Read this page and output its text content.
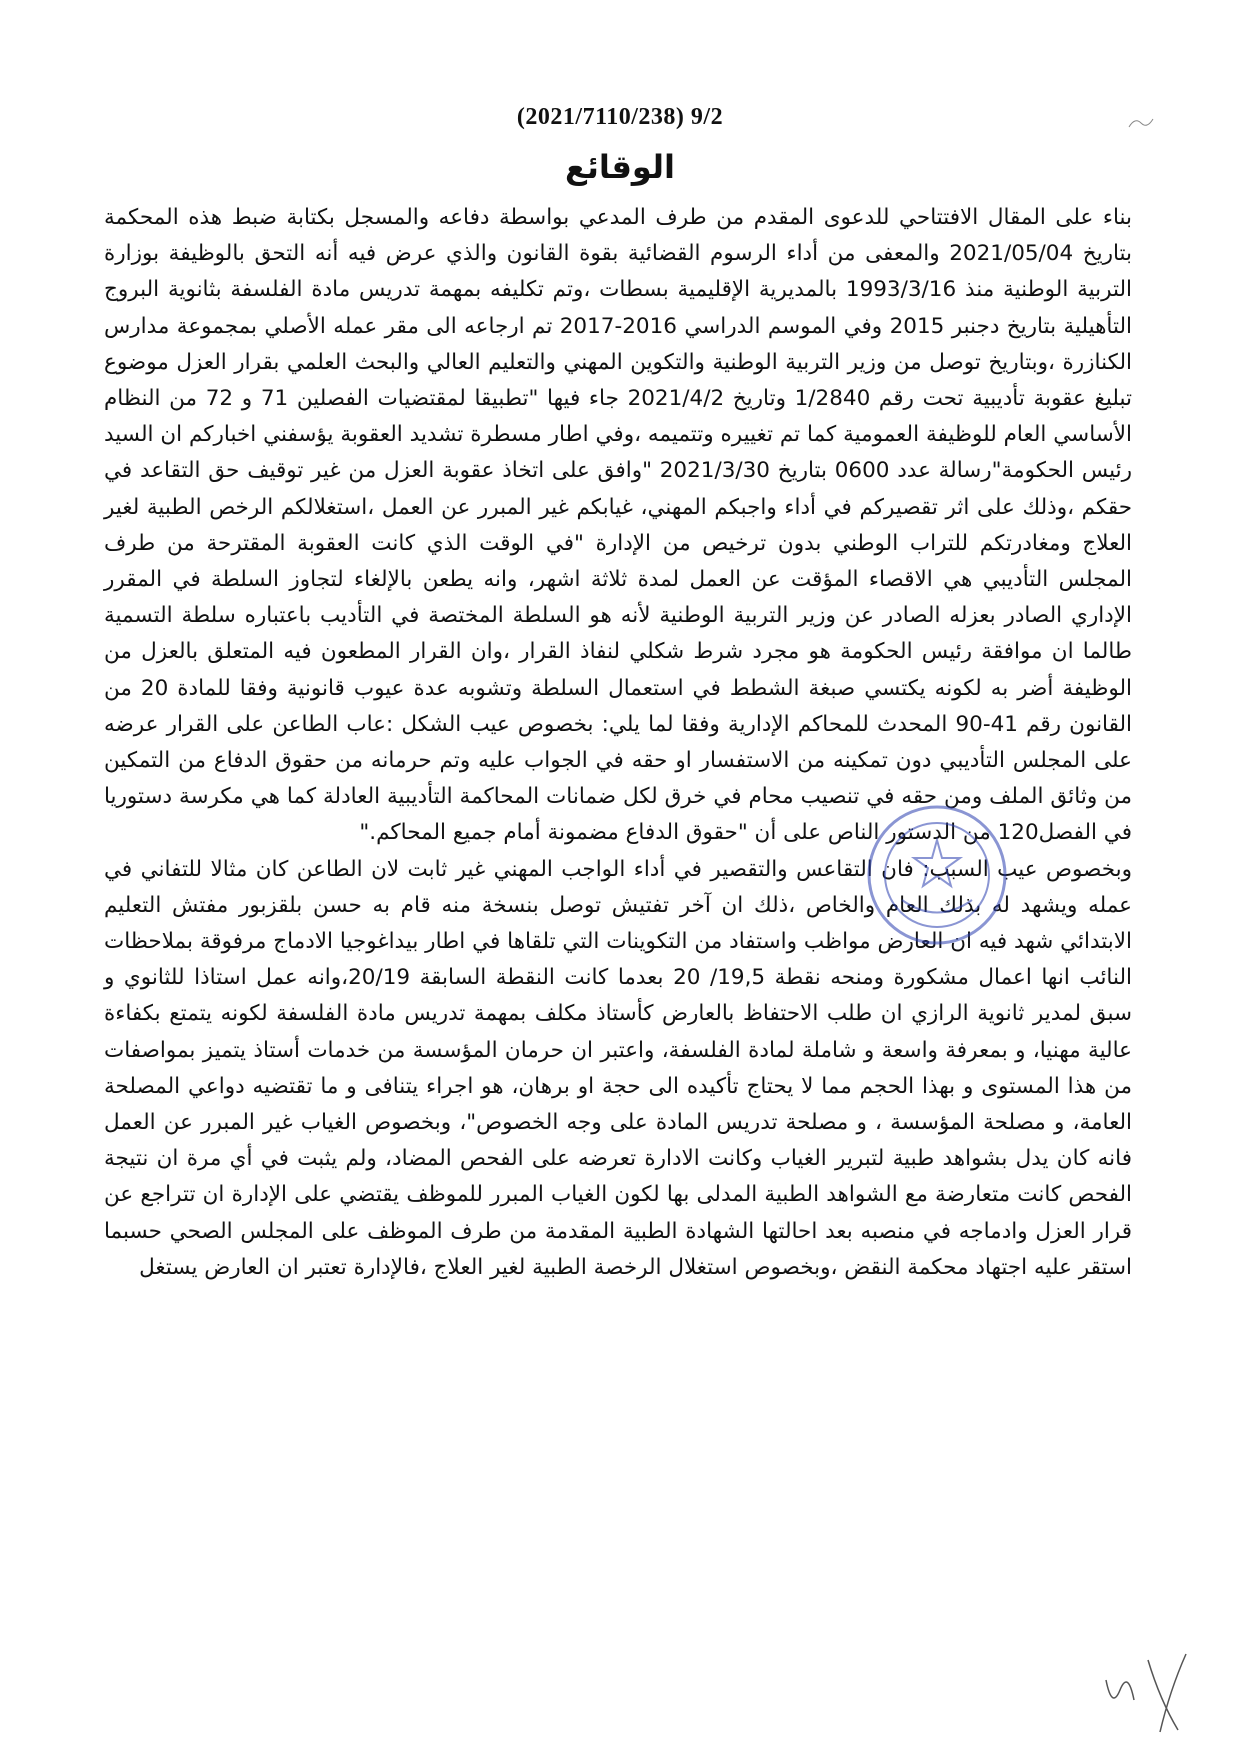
(2021/7110/238) 9/2
الوقائع

بناء على المقال الافتتاحي للدعوى المقدم من طرف المدعي بواسطة دفاعه والمسجل بكتابة ضبط هذه المحكمة بتاريخ 2021/05/04 والمعفى من أداء الرسوم القضائية بقوة القانون والذي عرض فيه أنه التحق بالوظيفة بوزارة التربية الوطنية منذ 1993/3/16 بالمديرية الإقليمية بسطات ،وتم تكليفه بمهمة تدريس مادة الفلسفة بثانوية البروج التأهيلية بتاريخ دجنبر 2015 وفي الموسم الدراسي 2016-2017 تم ارجاعه الى مقر عمله الأصلي بمجموعة مدارس الكنازرة ،وبتاريخ توصل من وزير التربية الوطنية والتكوين المهني والتعليم العالي والبحث العلمي بقرار العزل موضوع تبليغ عقوبة تأديبية تحت رقم 1/2840 وتاريخ 2021/4/2 جاء فيها "تطبيقا لمقتضيات الفصلين 71 و 72 من النظام الأساسي العام للوظيفة العمومية كما تم تغييره وتتميمه ،وفي اطار مسطرة تشديد العقوبة يؤسفني اخباركم ان السيد رئيس الحكومة"رسالة عدد 0600 بتاريخ 2021/3/30 "وافق على اتخاذ عقوبة العزل من غير توقيف حق التقاعد في حقكم ،وذلك على اثر تقصيركم في أداء واجبكم المهني، غيابكم غير المبرر عن العمل ،استغلالكم الرخص الطبية لغير العلاج ومغادرتكم للتراب الوطني بدون ترخيص من الإدارة "في الوقت الذي كانت العقوبة المقترحة من طرف المجلس التأديبي هي الاقصاء المؤقت عن العمل لمدة ثلاثة اشهر، وانه يطعن بالإلغاء لتجاوز السلطة في المقرر الإداري الصادر بعزله الصادر عن وزير التربية الوطنية لأنه هو السلطة المختصة في التأديب باعتباره سلطة التسمية طالما ان موافقة رئيس الحكومة هو مجرد شرط شكلي لنفاذ القرار ،وان القرار المطعون فيه المتعلق بالعزل من الوظيفة أضر به لكونه يكتسي صبغة الشطط في استعمال السلطة وتشوبه عدة عيوب قانونية وفقا للمادة 20 من القانون رقم 41-90 المحدث للمحاكم الإدارية وفقا لما يلي: بخصوص عيب الشكل :عاب الطاعن على القرار عرضه على المجلس التأديبي دون تمكينه من الاستفسار او حقه في الجواب عليه وتم حرمانه من حقوق الدفاع من التمكين من وثائق الملف ومن حقه في تنصيب محام في خرق لكل ضمانات المحاكمة التأديبية العادلة كما هي مكرسة دستوريا في الفصل120 من الدستور الناص على أن "حقوق الدفاع مضمونة أمام جميع المحاكم."

وبخصوص عيب السبب: فان التقاعس والتقصير في أداء الواجب المهني غير ثابت لان الطاعن كان مثالا للتفاني في عمله ويشهد له بذلك العام والخاص ،ذلك ان آخر تفتيش توصل بنسخة منه قام به حسن بلقزبور مفتش التعليم الابتدائي شهد فيه ان العارض مواظب واستفاد من التكوينات التي تلقاها في اطار بيداغوجيا الادماج مرفوقة بملاحظات النائب انها اعمال مشكورة ومنحه نقطة 19,5/ 20 بعدما كانت النقطة السابقة 20/19،وانه عمل استاذا للثانوي و سبق لمدير ثانوية الرازي ان طلب الاحتفاظ بالعارض كأستاذ مكلف بمهمة تدريس مادة الفلسفة لكونه يتمتع بكفاءة عالية مهنيا، و بمعرفة واسعة و شاملة لمادة الفلسفة، واعتبر ان حرمان المؤسسة من خدمات أستاذ يتميز بمواصفات من هذا المستوى و بهذا الحجم مما لا يحتاج تأكيده الى حجة او برهان، هو اجراء يتنافى و ما تقتضيه دواعي المصلحة العامة، و مصلحة المؤسسة ، و مصلحة تدريس المادة على وجه الخصوص"، وبخصوص الغياب غير المبرر عن العمل فانه كان يدل بشواهد طبية لتبرير الغياب وكانت الادارة تعرضه على الفحص المضاد، ولم يثبت في أي مرة ان نتيجة الفحص كانت متعارضة مع الشواهد الطبية المدلى بها لكون الغياب المبرر للموظف يقتضي على الإدارة ان تتراجع عن قرار العزل وادماجه في منصبه بعد احالتها الشهادة الطبية المقدمة من طرف الموظف على المجلس الصحي حسبما استقر عليه اجتهاد محكمة النقض ،وبخصوص استغلال الرخصة الطبية لغير العلاج ،فالإدارة تعتبر ان العارض يستغل
